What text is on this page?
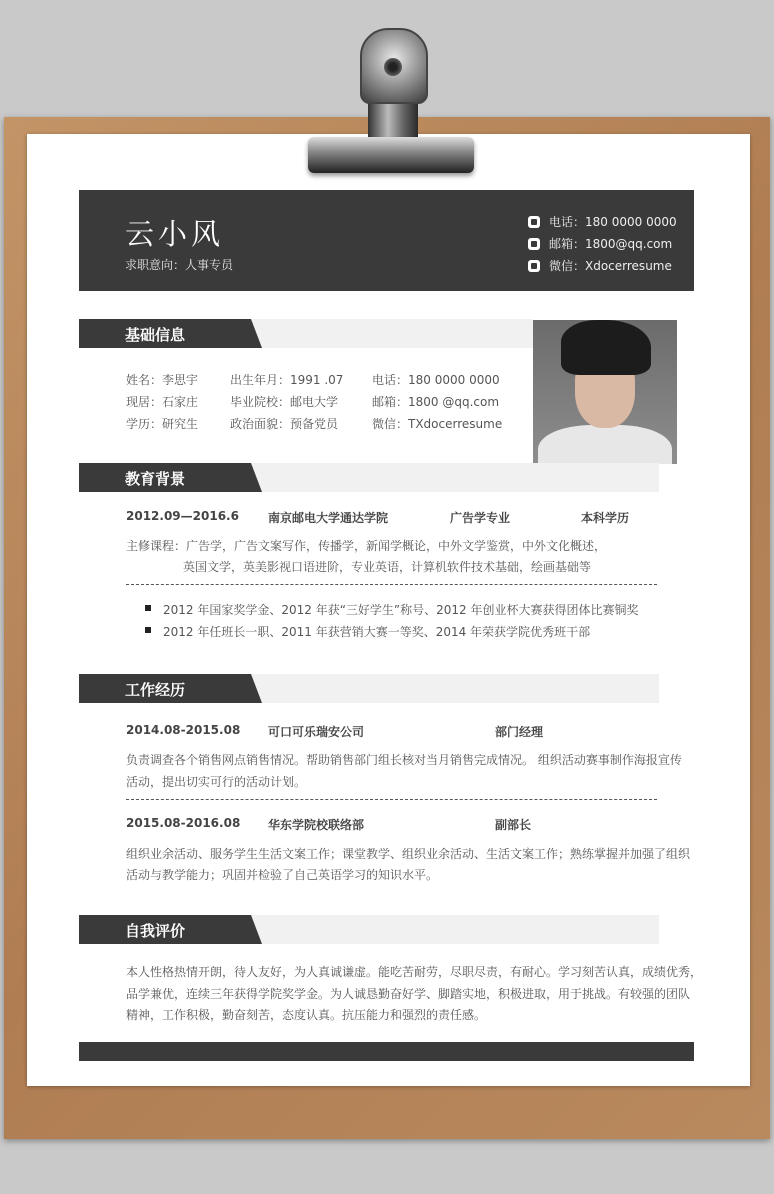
云小风
求职意向：人事专员
电话：180 0000 0000
邮箱：1800@qq.com
微信：Xdocerresume
基础信息
姓名：李思宇	出生年月：1991 .07 电话：180 0000 0000
现居：石家庄	毕业院校：邮电大学	邮箱：1800 @qq.com
学历：研究生	政治面貌：预备党员	微信：TXdocerresume
教育背景
2012.09—2016.6 南京邮电大学通达学院	广告学专业	本科学历
主修课程：广告学，广告文案写作，传播学，新闻学概论，中外文学鉴赏，中外文化概述，
英国文学，英美影视口语进阶，专业英语，计算机软件技术基础，绘画基础等
2012 年国家奖学金、2012 年获“三好学生”称号、2012 年创业杯大赛获得团体比赛铜奖
2012 年任班长一职、2011 年获营销大赛一等奖、2014 年荣获学院优秀班干部
工作经历
2014.08-2015.08 可口可乐瑞安公司	部门经理
负责调查各个销售网点销售情况。帮助销售部门组长核对当月销售完成情况。 组织活动赛事制作海报宣传
活动，提出切实可行的活动计划。
2015.08-2016.08 华东学院校联络部	副部长
组织业余活动、服务学生生活文案工作；课堂教学、组织业余活动、生活文案工作；熟练掌握并加强了组织
活动与教学能力；巩固并检验了自己英语学习的知识水平。
自我评价
本人性格热情开朗，待人友好，为人真诚谦虚。能吃苦耐劳，尽职尽责，有耐心。学习刻苦认真，成绩优秀，
品学兼优，连续三年获得学院奖学金。为人诚恳勤奋好学、脚踏实地，积极进取，用于挑战。有较强的团队
精神，工作积极，勤奋刻苦，态度认真。抗压能力和强烈的责任感。
